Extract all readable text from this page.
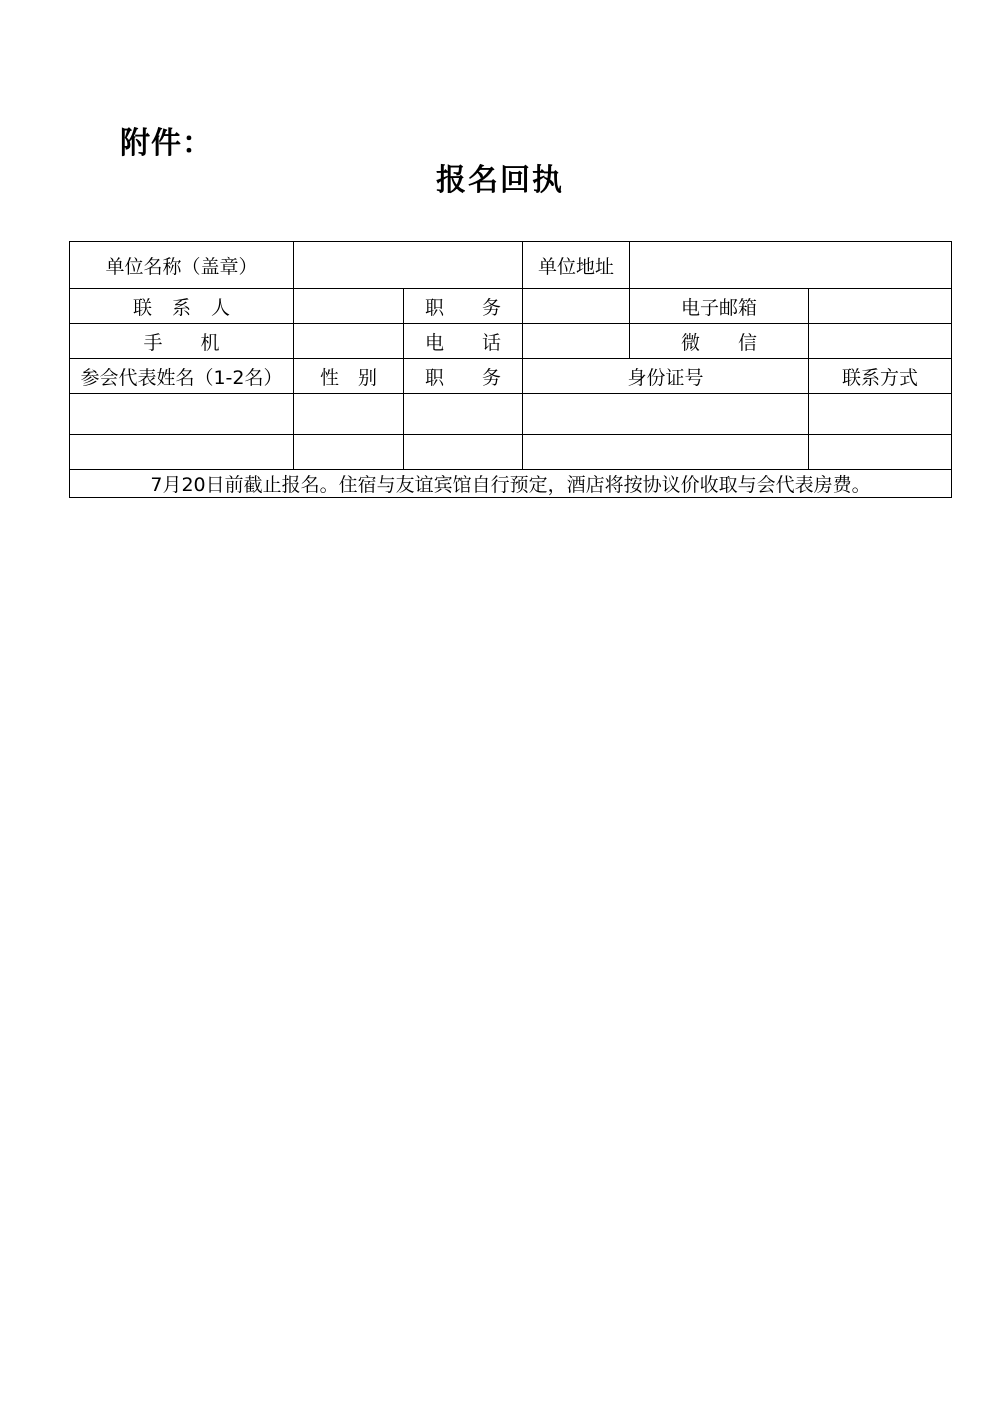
附件：
报名回执
单位名称（盖章）			单位地址		
联 系 人		职　　务		电子邮箱	
手　　机		电　　话		微　　信	
参会代表姓名（1-2名）	性　别	职　　务	身份证号		联系方式

7月20日前截止报名。住宿与友谊宾馆自行预定，酒店将按协议价收取与会代表房费。					
